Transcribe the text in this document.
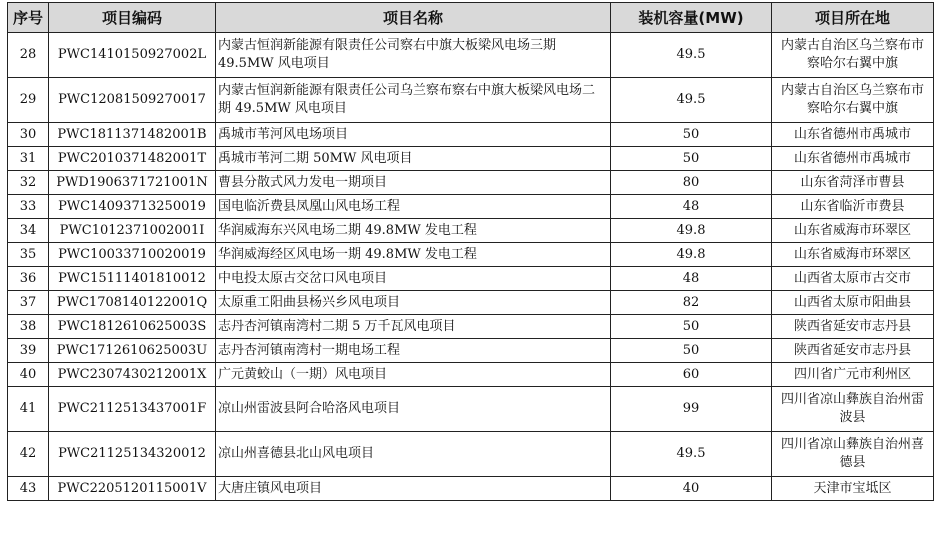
序号	项目编码	项目名称	装机容量(MW)	项目所在地
28	PWC1410150927002L	内蒙古恒润新能源有限责任公司察右中旗大板梁风电场三期49.5MW 风电项目	49.5	内蒙古自治区乌兰察布市察哈尔右翼中旗
29	PWC12081509270017	内蒙古恒润新能源有限责任公司乌兰察布察右中旗大板梁风电场二期 49.5MW 风电项目	49.5	内蒙古自治区乌兰察布市察哈尔右翼中旗
30	PWC1811371482001B	禹城市苇河风电场项目	50	山东省德州市禹城市
31	PWC2010371482001T	禹城市苇河二期 50MW 风电项目	50	山东省德州市禹城市
32	PWD1906371721001N	曹县分散式风力发电一期项目	80	山东省菏泽市曹县
33	PWC14093713250019	国电临沂费县凤凰山风电场工程	48	山东省临沂市费县
34	PWC1012371002001I	华润威海东兴风电场二期 49.8MW 发电工程	49.8	山东省威海市环翠区
35	PWC10033710020019	华润威海经区风电场一期 49.8MW 发电工程	49.8	山东省威海市环翠区
36	PWC15111401810012	中电投太原古交岔口风电项目	48	山西省太原市古交市
37	PWC1708140122001Q	太原重工阳曲县杨兴乡风电项目	82	山西省太原市阳曲县
38	PWC1812610625003S	志丹杏河镇南湾村二期 5 万千瓦风电项目	50	陕西省延安市志丹县
39	PWC1712610625003U	志丹杏河镇南湾村一期电场工程	50	陕西省延安市志丹县
40	PWC2307430212001X	广元黄蛟山（一期）风电项目	60	四川省广元市利州区
41	PWC2112513437001F	凉山州雷波县阿合哈洛风电项目	99	四川省凉山彝族自治州雷波县
42	PWC21125134320012	凉山州喜德县北山风电项目	49.5	四川省凉山彝族自治州喜德县
43	PWC2205120115001V	大唐庄镇风电项目	40	天津市宝坻区
